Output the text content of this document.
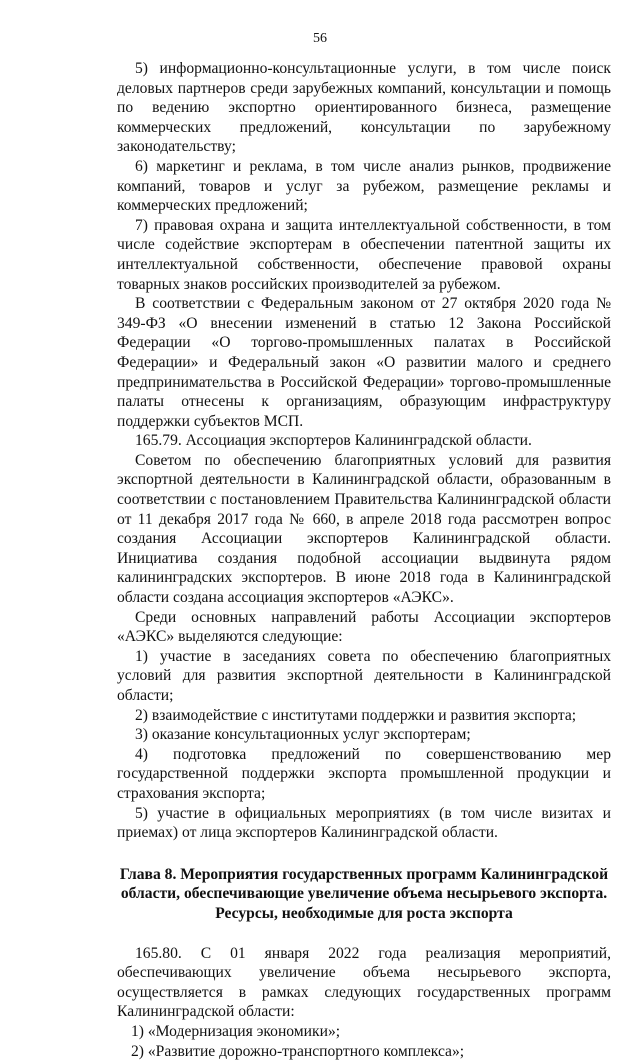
56

5) информационно-консультационные услуги, в том числе поиск деловых партнеров среди зарубежных компаний, консультации и помощь по ведению экспортно ориентированного бизнеса, размещение коммерческих предложений, консультации по зарубежному законодательству;

6) маркетинг и реклама, в том числе анализ рынков, продвижение компаний, товаров и услуг за рубежом, размещение рекламы и коммерческих предложений;

7) правовая охрана и защита интеллектуальной собственности, в том числе содействие экспортерам в обеспечении патентной защиты их интеллектуальной собственности, обеспечение правовой охраны товарных знаков российских производителей за рубежом.

В соответствии с Федеральным законом от 27 октября 2020 года № 349-ФЗ «О внесении изменений в статью 12 Закона Российской Федерации «О торгово-промышленных палатах в Российской Федерации» и Федеральный закон «О развитии малого и среднего предпринимательства в Российской Федерации» торгово-промышленные палаты отнесены к организациям, образующим инфраструктуру поддержки субъектов МСП.

165.79. Ассоциация экспортеров Калининградской области.

Советом по обеспечению благоприятных условий для развития экспортной деятельности в Калининградской области, образованным в соответствии с постановлением Правительства Калининградской области от 11 декабря 2017 года № 660, в апреле 2018 года рассмотрен вопрос создания Ассоциации экспортеров Калининградской области. Инициатива создания подобной ассоциации выдвинута рядом калининградских экспортеров. В июне 2018 года в Калининградской области создана ассоциация экспортеров «АЭКС».

Среди основных направлений работы Ассоциации экспортеров «АЭКС» выделяются следующие:

1) участие в заседаниях совета по обеспечению благоприятных условий для развития экспортной деятельности в Калининградской области;

2) взаимодействие с институтами поддержки и развития экспорта;

3) оказание консультационных услуг экспортерам;

4) подготовка предложений по совершенствованию мер государственной поддержки экспорта промышленной продукции и страхования экспорта;

5) участие в официальных мероприятиях (в том числе визитах и приемах) от лица экспортеров Калининградской области.

Глава 8. Мероприятия государственных программ Калининградской
области, обеспечивающие увеличение объема несырьевого экспорта.
Ресурсы, необходимые для роста экспорта

165.80. С 01 января 2022 года реализация мероприятий, обеспечивающих увеличение объема несырьевого экспорта, осуществляется в рамках следующих государственных программ Калининградской области:

1) «Модернизация экономики»;

2) «Развитие дорожно-транспортного комплекса»;
